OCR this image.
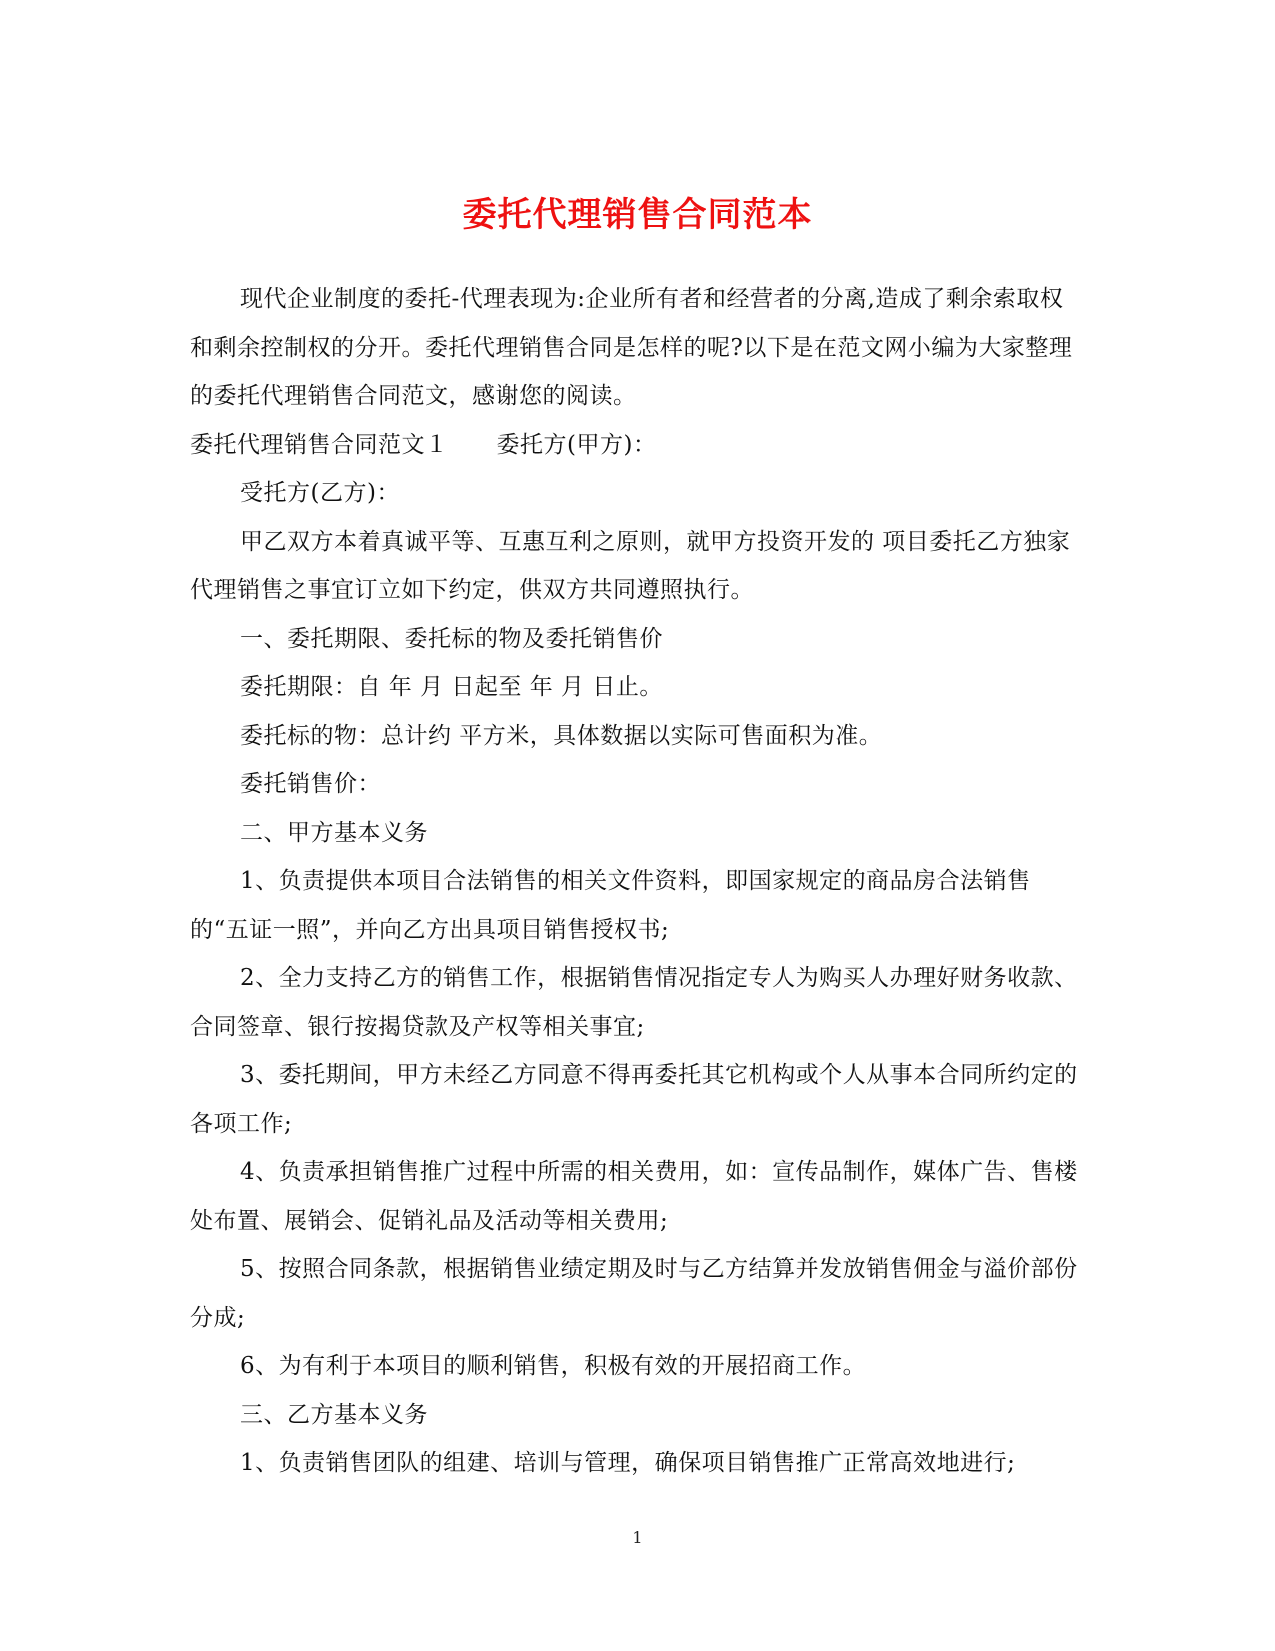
委托代理销售合同范本

现代企业制度的委托-代理表现为:企业所有者和经营者的分离,造成了剩余索取权和剩余控制权的分开。委托代理销售合同是怎样的呢?以下是在范文网小编为大家整理的委托代理销售合同范文，感谢您的阅读。

委托代理销售合同范文１ 委托方(甲方)：

受托方(乙方)：

甲乙双方本着真诚平等、互惠互利之原则，就甲方投资开发的 项目委托乙方独家代理销售之事宜订立如下约定，供双方共同遵照执行。

一、委托期限、委托标的物及委托销售价

委托期限：自 年 月 日起至 年 月 日止。

委托标的物：总计约 平方米，具体数据以实际可售面积为准。

委托销售价：

二、甲方基本义务

1、负责提供本项目合法销售的相关文件资料，即国家规定的商品房合法销售的“五证一照”，并向乙方出具项目销售授权书;

2、全力支持乙方的销售工作，根据销售情况指定专人为购买人办理好财务收款、合同签章、银行按揭贷款及产权等相关事宜;

3、委托期间，甲方未经乙方同意不得再委托其它机构或个人从事本合同所约定的各项工作;

4、负责承担销售推广过程中所需的相关费用，如：宣传品制作，媒体广告、售楼处布置、展销会、促销礼品及活动等相关费用;

5、按照合同条款，根据销售业绩定期及时与乙方结算并发放销售佣金与溢价部份分成;

6、为有利于本项目的顺利销售，积极有效的开展招商工作。

三、乙方基本义务

1、负责销售团队的组建、培训与管理，确保项目销售推广正常高效地进行;

1
